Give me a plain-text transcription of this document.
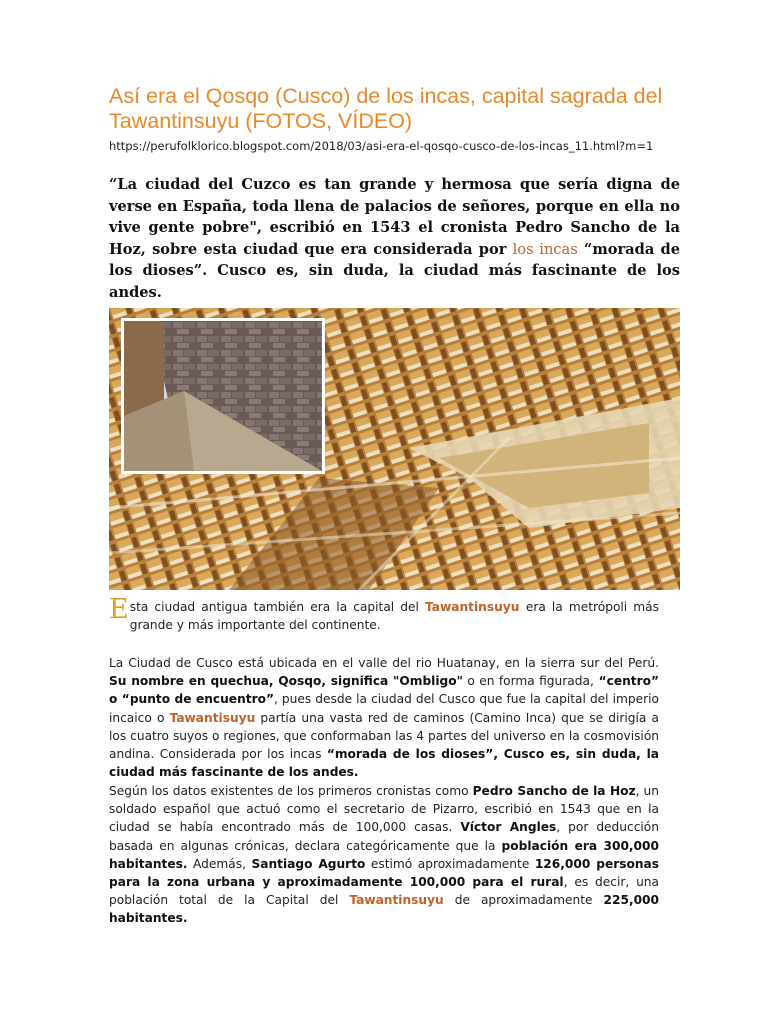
Así era el Qosqo (Cusco) de los incas, capital sagrada del Tawantinsuyu (FOTOS, VÍDEO)
https://perufolklorico.blogspot.com/2018/03/asi-era-el-qosqo-cusco-de-los-incas_11.html?m=1

“La ciudad del Cuzco es tan grande y hermosa que sería digna de verse en España, toda llena de palacios de señores, porque en ella no vive gente pobre", escribió en 1543 el cronista Pedro Sancho de la Hoz, sobre esta ciudad que era considerada por los incas “morada de los dioses”. Cusco es, sin duda, la ciudad más fascinante de los andes.

Esta ciudad antigua también era la capital del Tawantinsuyu era la metrópoli más grande y más importante del continente.

La Ciudad de Cusco está ubicada en el valle del rio Huatanay, en la sierra sur del Perú. Su nombre en quechua, Qosqo, significa "Ombligo" o en forma figurada, “centro” o “punto de encuentro”, pues desde la ciudad del Cusco que fue la capital del imperio incaico o Tawantisuyu partía una vasta red de caminos (Camino Inca) que se dirigía a los cuatro suyos o regiones, que conformaban las 4 partes del universo en la cosmovisión andina. Considerada por los incas “morada de los dioses”, Cusco es, sin duda, la ciudad más fascinante de los andes.

Según los datos existentes de los primeros cronistas como Pedro Sancho de la Hoz, un soldado español que actuó como el secretario de Pizarro, escribió en 1543 que en la ciudad se había encontrado más de 100,000 casas. Víctor Angles, por deducción basada en algunas crónicas, declara categóricamente que la población era 300,000 habitantes. Además, Santiago Agurto estimó aproximadamente 126,000 personas para la zona urbana y aproximadamente 100,000 para el rural, es decir, una población total de la Capital del Tawantinsuyu de aproximadamente 225,000 habitantes.
